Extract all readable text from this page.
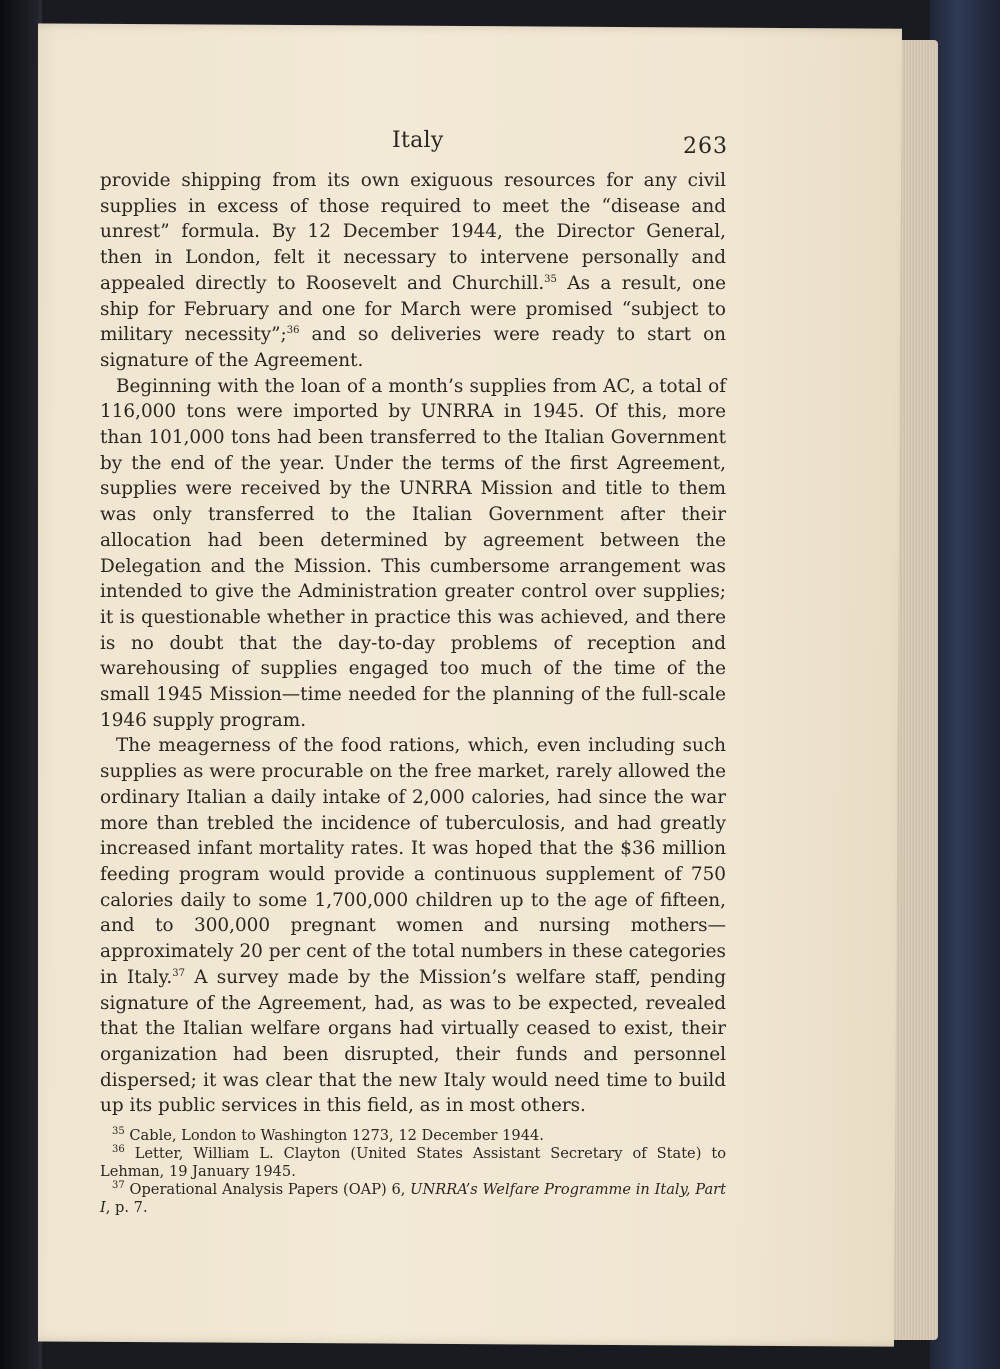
Italy	263

provide shipping from its own exiguous resources for any civil supplies in excess of those required to meet the “disease and unrest” formula. By 12 December 1944, the Director General, then in London, felt it necessary to intervene personally and appealed directly to Roosevelt and Churchill.$^{35}$ As a result, one ship for February and one for March were promised “subject to military necessity”;$^{36}$ and so deliveries were ready to start on signature of the Agreement.

Beginning with the loan of a month’s supplies from AC, a total of 116,000 tons were imported by UNRRA in 1945. Of this, more than 101,000 tons had been transferred to the Italian Government by the end of the year. Under the terms of the first Agreement, supplies were received by the UNRRA Mission and title to them was only transferred to the Italian Government after their allocation had been determined by agreement between the Delegation and the Mission. This cumbersome arrangement was intended to give the Administration greater control over supplies; it is questionable whether in practice this was achieved, and there is no doubt that the day-to-day problems of reception and warehousing of supplies engaged too much of the time of the small 1945 Mission—time needed for the planning of the full-scale 1946 supply program.

The meagerness of the food rations, which, even including such supplies as were procurable on the free market, rarely allowed the ordinary Italian a daily intake of 2,000 calories, had since the war more than trebled the incidence of tuberculosis, and had greatly increased infant mortality rates. It was hoped that the $36 million feeding program would provide a continuous supplement of 750 calories daily to some 1,700,000 children up to the age of fifteen, and to 300,000 pregnant women and nursing mothers—approximately 20 per cent of the total numbers in these categories in Italy.$^{37}$ A survey made by the Mission’s welfare staff, pending signature of the Agreement, had, as was to be expected, revealed that the Italian welfare organs had virtually ceased to exist, their organization had been disrupted, their funds and personnel dispersed; it was clear that the new Italy would need time to build up its public services in this field, as in most others.

$^{35}$ Cable, London to Washington 1273, 12 December 1944.

$^{36}$ Letter, William L. Clayton (United States Assistant Secretary of State) to Lehman, 19 January 1945.

$^{37}$ Operational Analysis Papers (OAP) 6, UNRRA’s Welfare Programme in Italy, Part I, p. 7.
